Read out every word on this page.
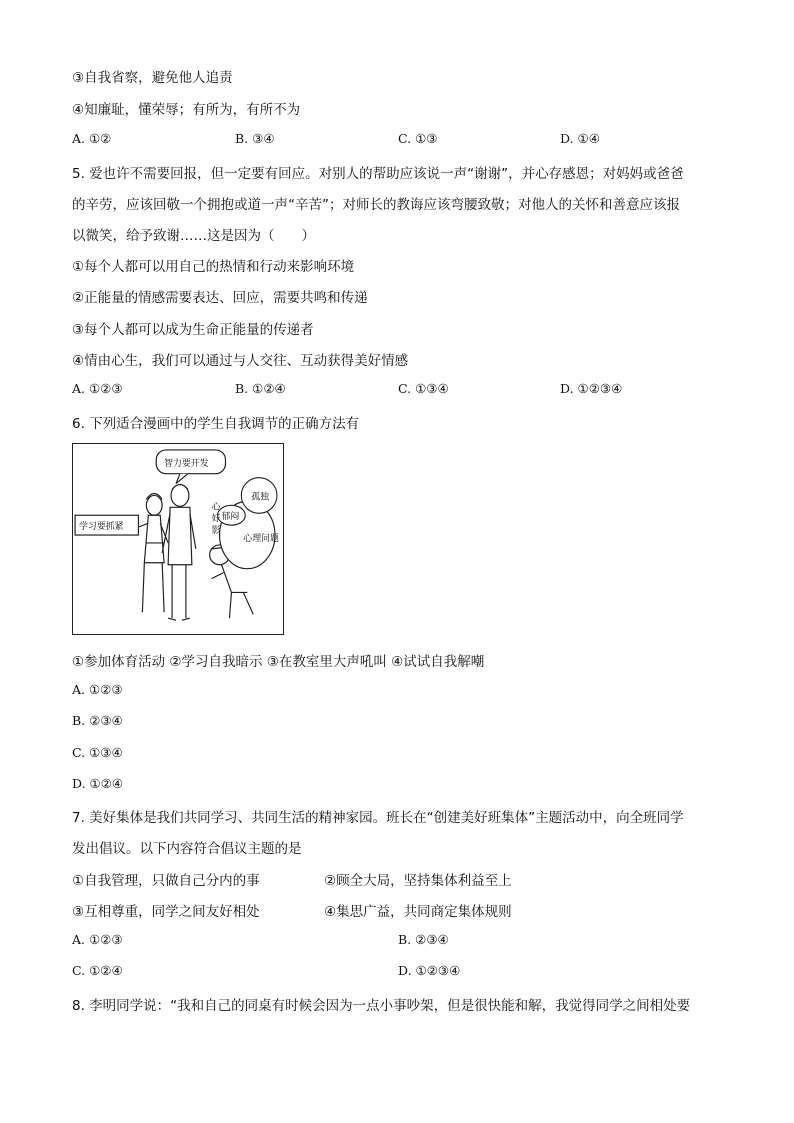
③自我省察，避免他人追责
④知廉耻，懂荣辱；有所为，有所不为
A. ①②	B. ③④	C. ①③	D. ①④
5. 爱也许不需要回报，但一定要有回应。对别人的帮助应该说一声“谢谢”，并心存感恩；对妈妈或爸爸
的辛劳，应该回敬一个拥抱或道一声“辛苦”；对师长的教诲应该弯腰致敬；对他人的关怀和善意应该报
以微笑，给予致谢……这是因为（　　）
①每个人都可以用自己的热情和行动来影响环境
②正能量的情感需要表达、回应，需要共鸣和传递
③每个人都可以成为生命正能量的传递者
④情由心生，我们可以通过与人交往、互动获得美好情感
A. ①②③	B. ①②④	C. ①③④	D. ①②③④
6. 下列适合漫画中的学生自我调节的正确方法有
智力要开发
学习要抓紧
孤独
郁闷
心理问题
心
好
影
①参加体育活动 ②学习自我暗示 ③在教室里大声吼叫 ④试试自我解嘲
A. ①②③
B. ②③④
C. ①③④
D. ①②④
7. 美好集体是我们共同学习、共同生活的精神家园。班长在“创建美好班集体”主题活动中，向全班同学
发出倡议。以下内容符合倡议主题的是
①自我管理，只做自己分内的事	②顾全大局，坚持集体利益至上
③互相尊重，同学之间友好相处	④集思广益，共同商定集体规则
A. ①②③	B. ②③④
C. ①②④	D. ①②③④
8. 李明同学说：“我和自己的同桌有时候会因为一点小事吵架，但是很快能和解，我觉得同学之间相处要
